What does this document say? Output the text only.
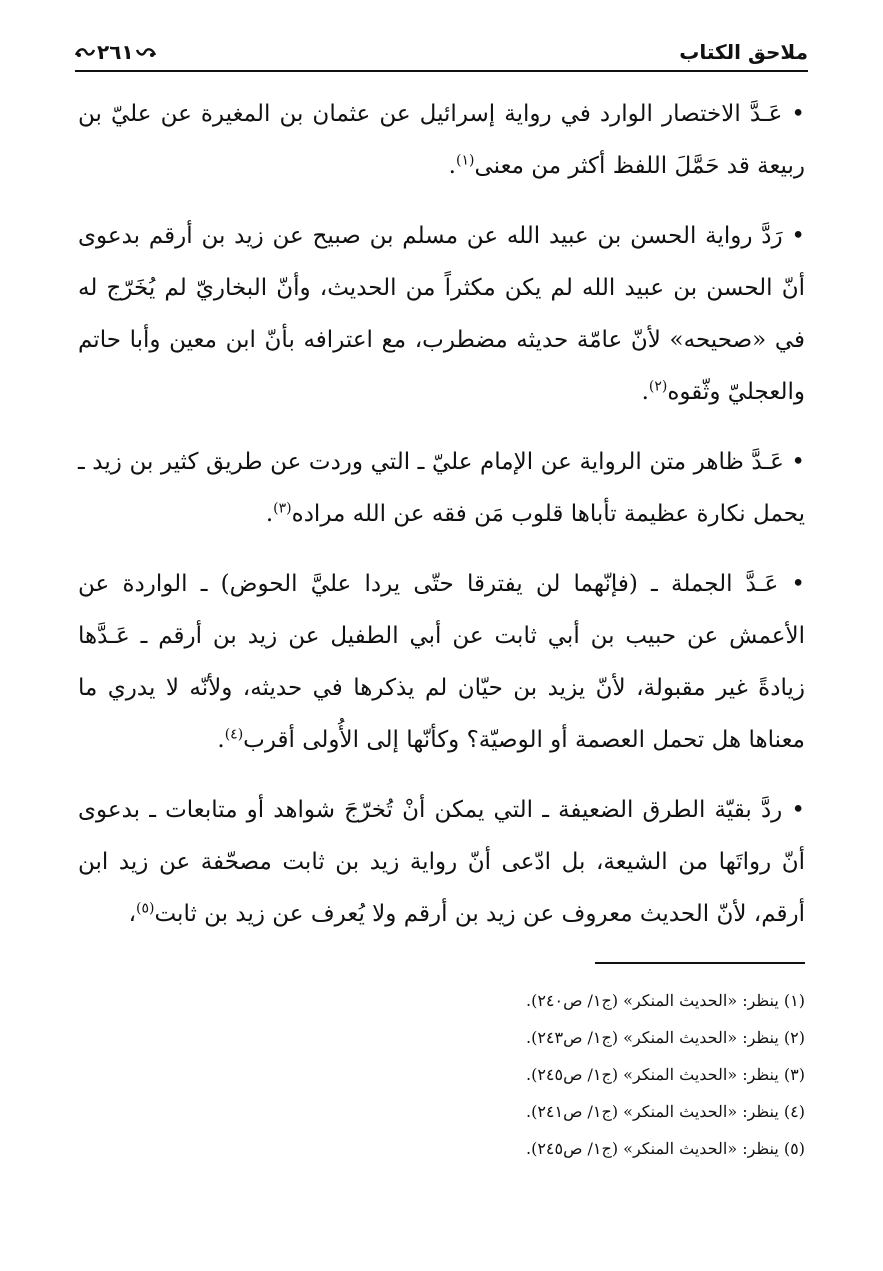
ملاحق الكتاب
٢٦١

• عَـدَّ الاختصار الوارد في رواية إسرائيل عن عثمان بن المغيرة عن عليّ بن ربيعة قد حَمَّلَ اللفظ أكثر من معنى$^{(١)}$.

• رَدَّ رواية الحسن بن عبيد الله عن مسلم بن صبيح عن زيد بن أرقم بدعوى أنّ الحسن بن عبيد الله لم يكن مكثراً من الحديث، وأنّ البخاريّ لم يُخَرّج له في «صحيحه» لأنّ عامّة حديثه مضطرب، مع اعترافه بأنّ ابن معين وأبا حاتم والعجليّ وثّقوه$^{(٢)}$.

• عَـدَّ ظاهر متن الرواية عن الإمام عليّ ـ التي وردت عن طريق كثير بن زيد ـ يحمل نكارة عظيمة تأباها قلوب مَن فقه عن الله مراده$^{(٣)}$.

• عَـدَّ الجملة ـ (فإنّهما لن يفترقا حتّى يردا عليَّ الحوض) ـ الواردة عن الأعمش عن حبيب بن أبي ثابت عن أبي الطفيل عن زيد بن أرقم ـ عَـدَّها زيادةً غير مقبولة، لأنّ يزيد بن حيّان لم يذكرها في حديثه، ولأنّه لا يدري ما معناها هل تحمل العصمة أو الوصيّة؟ وكأنّها إلى الأُولى أقرب$^{(٤)}$.

• ردَّ بقيّة الطرق الضعيفة ـ التي يمكن أنْ تُخرّجَ شواهد أو متابعات ـ بدعوى أنّ رواتَها من الشيعة، بل ادّعى أنّ رواية زيد بن ثابت مصحّفة عن زيد ابن أرقم، لأنّ الحديث معروف عن زيد بن أرقم ولا يُعرف عن زيد بن ثابت$^{(٥)}$،

(١) ينظر: «الحديث المنكر» (ج١/ ص٢٤٠).
(٢) ينظر: «الحديث المنكر» (ج١/ ص٢٤٣).
(٣) ينظر: «الحديث المنكر» (ج١/ ص٢٤٥).
(٤) ينظر: «الحديث المنكر» (ج١/ ص٢٤١).
(٥) ينظر: «الحديث المنكر» (ج١/ ص٢٤٥).
